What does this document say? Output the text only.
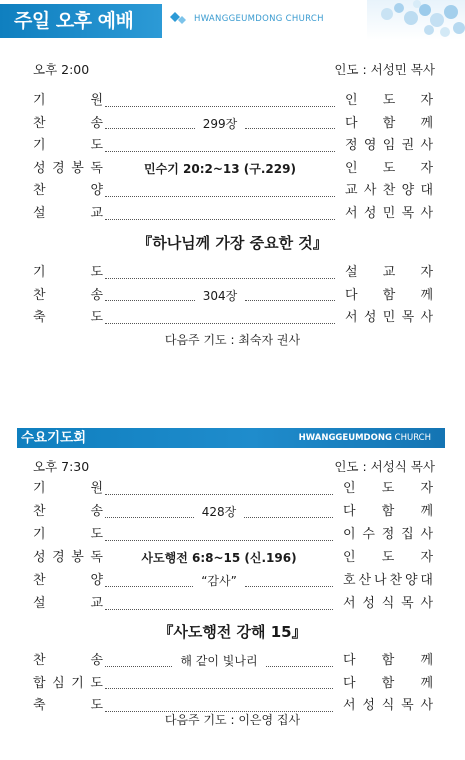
주일 오후 예배	HWANGGEUMDONG CHURCH
오후 2:00	인도 : 서성민 목사
기	원	인 도 자
찬	송	299장	다 함 께
기	도	정 영 임 권 사
성 경 봉 독	민수기 20:2~13 (구.229)	인 도 자
찬	양	교 사 찬 양 대
설	교	서 성 민 목 사
『하나님께 가장 중요한 것』
기	도	설 교 자
찬	송	304장	다 함 께
축	도	서 성 민 목 사
다음주 기도 : 최숙자 권사
수요기도회	HWANGGEUMDONG CHURCH
오후 7:30	인도 : 서성식 목사
기	원	인 도 자
찬	송	428장	다 함 께
기	도	이 수 정 집 사
성 경 봉 독	사도행전 6:8~15 (신.196)	인 도 자
찬	양	“감사”	호 산 나 찬 양 대
설	교	서 성 식 목 사
『사도행전 강해 15』
찬	송	해 같이 빛나리	다 함 께
합 심 기 도	다 함 께
축	도	서 성 식 목 사
다음주 기도 : 이은영 집사
